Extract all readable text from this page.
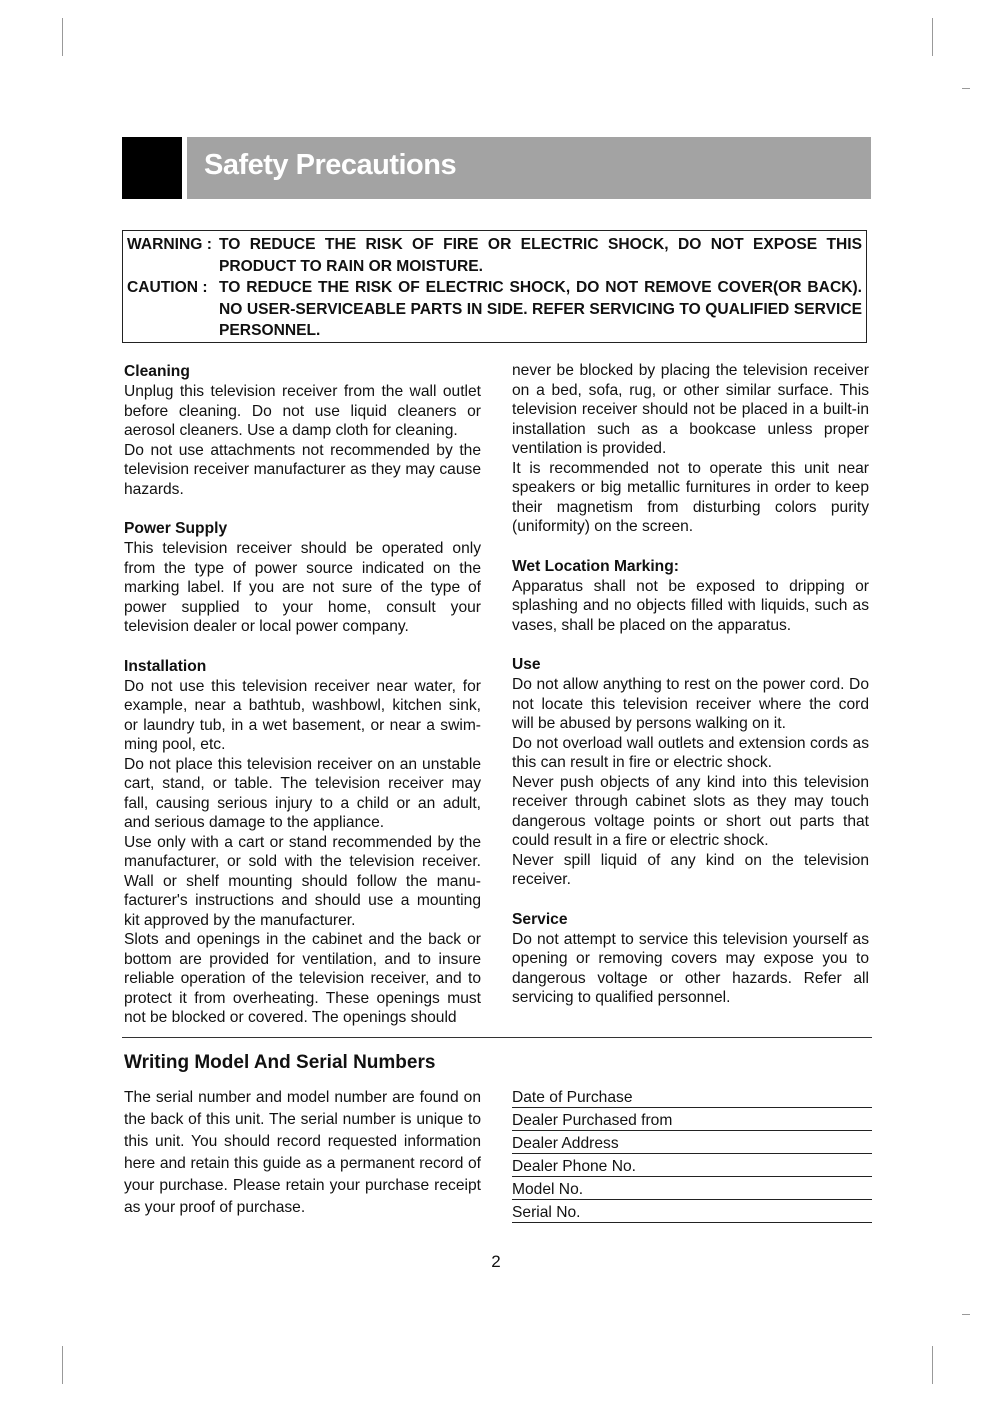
Safety Precautions
WARNING : TO REDUCE THE RISK OF FIRE OR ELECTRIC SHOCK, DO NOT EXPOSE THIS PRODUCT TO RAIN OR MOISTURE.
CAUTION : TO REDUCE THE RISK OF ELECTRIC SHOCK, DO NOT REMOVE COVER(OR BACK). NO USER-SERVICEABLE PARTS IN SIDE. REFER SERVICING TO QUALIFIED SERVICE PERSONNEL.
Cleaning

Unplug this television receiver from the wall outlet before cleaning. Do not use liquid cleaners or aerosol cleaners. Use a damp cloth for cleaning.

Do not use attachments not recommended by the television receiver manufacturer as they may cause hazards.

Power Supply

This television receiver should be operated only from the type of power source indicated on the marking label. If you are not sure of the type of power supplied to your home, consult your television dealer or local power company.

Installation

Do not use this television receiver near water, for example, near a bathtub, washbowl, kitchen sink, or laundry tub, in a wet basement, or near a swim-ming pool, etc.

Do not place this television receiver on an unstable cart, stand, or table. The television receiver may fall, causing serious injury to a child or an adult, and serious damage to the appliance.

Use only with a cart or stand recommended by the manufacturer, or sold with the television receiver. Wall or shelf mounting should follow the manu-facturer's instructions and should use a mounting kit approved by the manufacturer.

Slots and openings in the cabinet and the back or bottom are provided for ventilation, and to insure reliable operation of the television receiver, and to protect it from overheating. These openings must not be blocked or covered. The openings should

never be blocked by placing the television receiver on a bed, sofa, rug, or other similar surface. This television receiver should not be placed in a built-in installation such as a bookcase unless proper ventilation is provided.

It is recommended not to operate this unit near speakers or big metallic furnitures in order to keep their magnetism from disturbing colors purity (uniformity) on the screen.

Wet Location Marking:

Apparatus shall not be exposed to dripping or splashing and no objects filled with liquids, such as vases, shall be placed on the apparatus.

Use

Do not allow anything to rest on the power cord. Do not locate this television receiver where the cord will be abused by persons walking on it.

Do not overload wall outlets and extension cords as this can result in fire or electric shock.

Never push objects of any kind into this television receiver through cabinet slots as they may touch dangerous voltage points or short out parts that could result in a fire or electric shock.

Never spill liquid of any kind on the television receiver.

Service

Do not attempt to service this television yourself as opening or removing covers may expose you to dangerous voltage or other hazards. Refer all servicing to qualified personnel.

Writing Model And Serial Numbers

The serial number and model number are found on the back of this unit. The serial number is unique to this unit. You should record requested information here and retain this guide as a permanent record of your purchase. Please retain your purchase receipt as your proof of purchase.

Date of Purchase
Dealer Purchased from
Dealer Address
Dealer Phone No.
Model No.
Serial No.
2
